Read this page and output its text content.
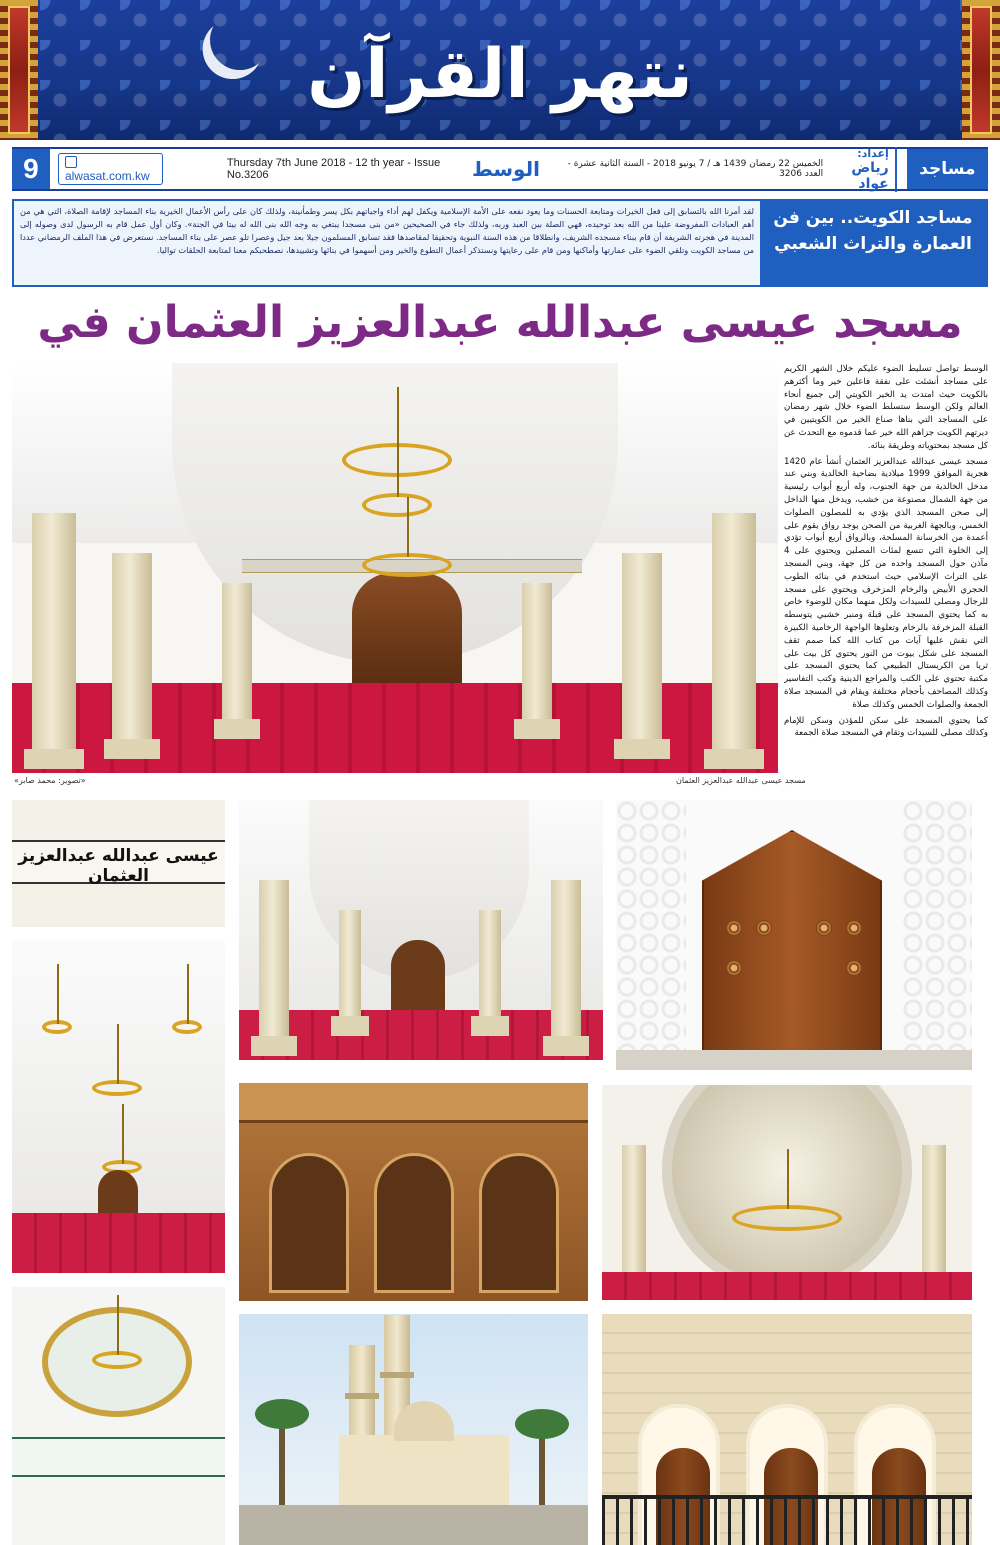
نتهر القرآن
9	alwasat.com.kw
Thursday 7th June 2018 - 12 th year - Issue No.3206	الوسط	الخميس 22 رمضان 1439 هـ / 7 يونيو 2018 - السنة الثانية عشرة - العدد 3206
إعداد:
رياض عواد
مساجد
مساجد الكويت.. بين فن العمارة والتراث الشعبي
لقد أمرنا الله بالتسابق إلى فعل الخيرات ومتابعة الحسنات وما يعود نفعه على الأمة الإسلامية ويكفل لهم أداء واجباتهم بكل يسر وطمأنينة، ولذلك كان على رأس الأعمال الخيرية بناء المساجد لإقامة الصلاة، التي هي من أهم العبادات المفروضة علينا من الله بعد توحيده، فهي الصلة بين العبد وربه، ولذلك جاء في الصحيحين «من بنى مسجدا يبتغي به وجه الله بنى الله له بيتا في الجنة». وكان أول عمل قام به الرسول لدى وصوله إلى المدينة في هجرته الشريفة أن قام ببناء مسجده الشريف، وانطلاقا من هذه السنة النبوية وتحقيقا لمقاصدها فقد تسابق المسلمون جيلا بعد جيل وعصرا تلو عصر على بناء المساجد. نستعرض في هذا الملف الرمضاني عددا من مساجد الكويت وتلقي الضوء على عمارتها وأماكنها ومن قام على رعايتها ونستذكر أعمال التطوع والخير ومن أسهموا في بنائها وتشييدها، نصطحبكم معنا لمتابعة الحلقات تواليا.
مسجد عيسى عبدالله عبدالعزيز العثمان في

الوسط تواصل تسليط الضوء عليكم خلال الشهر الكريم على مساجد أنشئت على نفقة فاعلين خير وما أكثرهم بالكويت حيث امتدت يد الخير الكويتي إلى جميع أنحاء العالم ولكن الوسط ستسلط الضوء خلال شهر رمضان على المساجد التي بناها صناع الخير من الكويتيين في ديرتهم الكويت جزاهم الله خير عما قدموه مع التحدث عن كل مسجد بمحتوياته وطريقة بنائه.

مسجد عيسى عبدالله عبدالعزيز العثمان أنشأ عام 1420 هجرية الموافق 1999 ميلادية بضاحية الخالدية وبني عند مدخل الخالدية من جهة الجنوب، وله أربع أبواب رئيسية من جهة الشمال مصنوعة من خشب، ويدخل منها الداخل إلى صحن المسجد الذي يؤدي به للمصلون الصلوات الخمس، وبالجهة الغربية من الصحن يوجد رواق يقوم على أعمدة من الخرسانة المسلحة، وبالرواق أربع أبواب تؤدي إلى الخلوة التي تتسع لمئات المصلين ويحتوي على 4 مآذن حول المسجد واحده من كل جهة، وبني المسجد على التراث الإسلامي حيث استخدم في بنائه الطوب الحجري الأبيض والرخام المزخرف ويحتوي على مسجد للرجال ومصلى للسيدات ولكل منهما مكان للوضوء خاص به كما يحتوي المسجد على قبلة ومنبر خشبي يتوسطه القبلة المزخرفة بالرخام وتعلوها الواجهة الرخامية الكبيرة التي نقش عليها آيات من كتاب الله كما صمم ثقف المسجد على شكل بيوت من النور يحتوي كل بيت على ثريا من الكريستال الطبيعي كما يحتوي المسجد على مكتبة تحتوي على الكتب والمراجع الدينية وكتب التفاسير وكذلك المصاحف بأحجام مختلفة ويقام في المسجد صلاة الجمعة والصلوات الخمس وكذلك صلاة

كما يحتوي المسجد على سكن للمؤذن وسكن للإمام وكذلك مصلى للسيدات وتقام في المسجد صلاة الجمعة

مسجد عيسى عبدالله عبدالعزيز العثمان
«تصوير: محمد صابر»
عيسى عبدالله عبدالعزيز العثمان
